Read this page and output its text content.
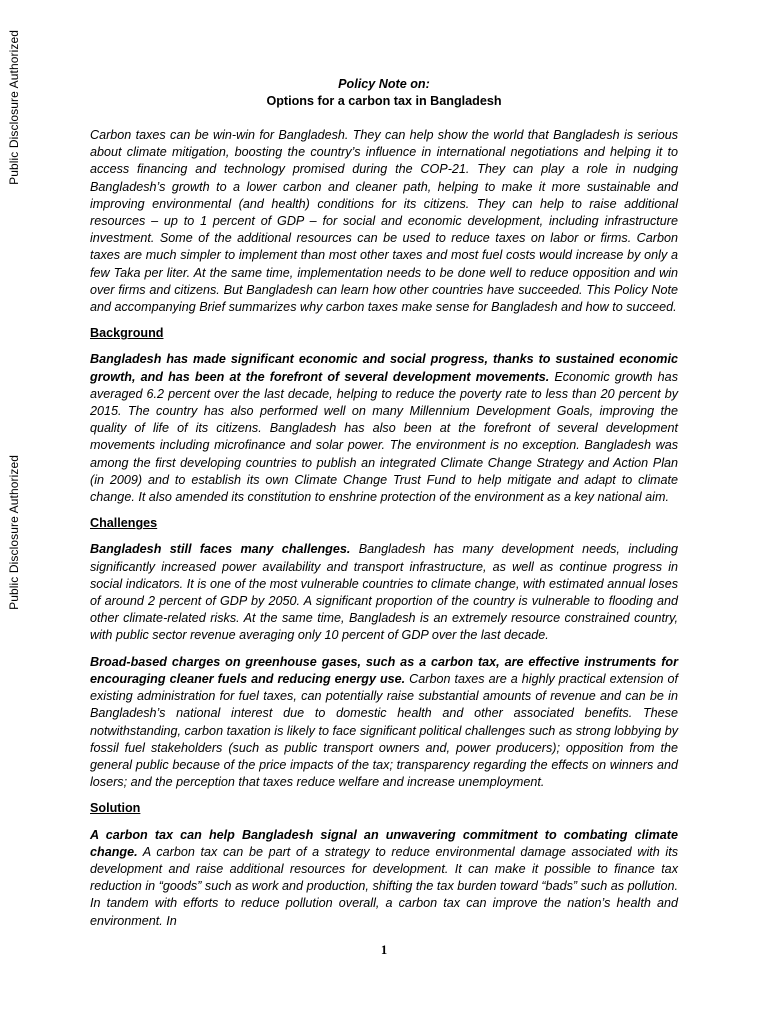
Public Disclosure Authorized
Public Disclosure Authorized
Policy Note on:
Options for a carbon tax in Bangladesh

Carbon taxes can be win-win for Bangladesh. They can help show the world that Bangladesh is serious about climate mitigation, boosting the country’s influence in international negotiations and helping it to access financing and technology promised during the COP-21. They can play a role in nudging Bangladesh’s growth to a lower carbon and cleaner path, helping to make it more sustainable and improving environmental (and health) conditions for its citizens. They can help to raise additional resources – up to 1 percent of GDP – for social and economic development, including infrastructure investment. Some of the additional resources can be used to reduce taxes on labor or firms. Carbon taxes are much simpler to implement than most other taxes and most fuel costs would increase by only a few Taka per liter. At the same time, implementation needs to be done well to reduce opposition and win over firms and citizens. But Bangladesh can learn how other countries have succeeded. This Policy Note and accompanying Brief summarizes why carbon taxes make sense for Bangladesh and how to succeed.

Background

Bangladesh has made significant economic and social progress, thanks to sustained economic growth, and has been at the forefront of several development movements. Economic growth has averaged 6.2 percent over the last decade, helping to reduce the poverty rate to less than 20 percent by 2015. The country has also performed well on many Millennium Development Goals, improving the quality of life of its citizens. Bangladesh has also been at the forefront of several development movements including microfinance and solar power. The environment is no exception. Bangladesh was among the first developing countries to publish an integrated Climate Change Strategy and Action Plan (in 2009) and to establish its own Climate Change Trust Fund to help mitigate and adapt to climate change. It also amended its constitution to enshrine protection of the environment as a key national aim.

Challenges

Bangladesh still faces many challenges. Bangladesh has many development needs, including significantly increased power availability and transport infrastructure, as well as continue progress in social indicators. It is one of the most vulnerable countries to climate change, with estimated annual loses of around 2 percent of GDP by 2050. A significant proportion of the country is vulnerable to flooding and other climate-related risks. At the same time, Bangladesh is an extremely resource constrained country, with public sector revenue averaging only 10 percent of GDP over the last decade.

Broad-based charges on greenhouse gases, such as a carbon tax, are effective instruments for encouraging cleaner fuels and reducing energy use. Carbon taxes are a highly practical extension of existing administration for fuel taxes, can potentially raise substantial amounts of revenue and can be in Bangladesh’s national interest due to domestic health and other associated benefits. These notwithstanding, carbon taxation is likely to face significant political challenges such as strong lobbying by fossil fuel stakeholders (such as public transport owners and, power producers); opposition from the general public because of the price impacts of the tax; transparency regarding the effects on winners and losers; and the perception that taxes reduce welfare and increase unemployment.

Solution

A carbon tax can help Bangladesh signal an unwavering commitment to combating climate change. A carbon tax can be part of a strategy to reduce environmental damage associated with its development and raise additional resources for development. It can make it possible to finance tax reduction in “goods” such as work and production, shifting the tax burden toward “bads” such as pollution. In tandem with efforts to reduce pollution overall, a carbon tax can improve the nation’s health and environment. In

1
